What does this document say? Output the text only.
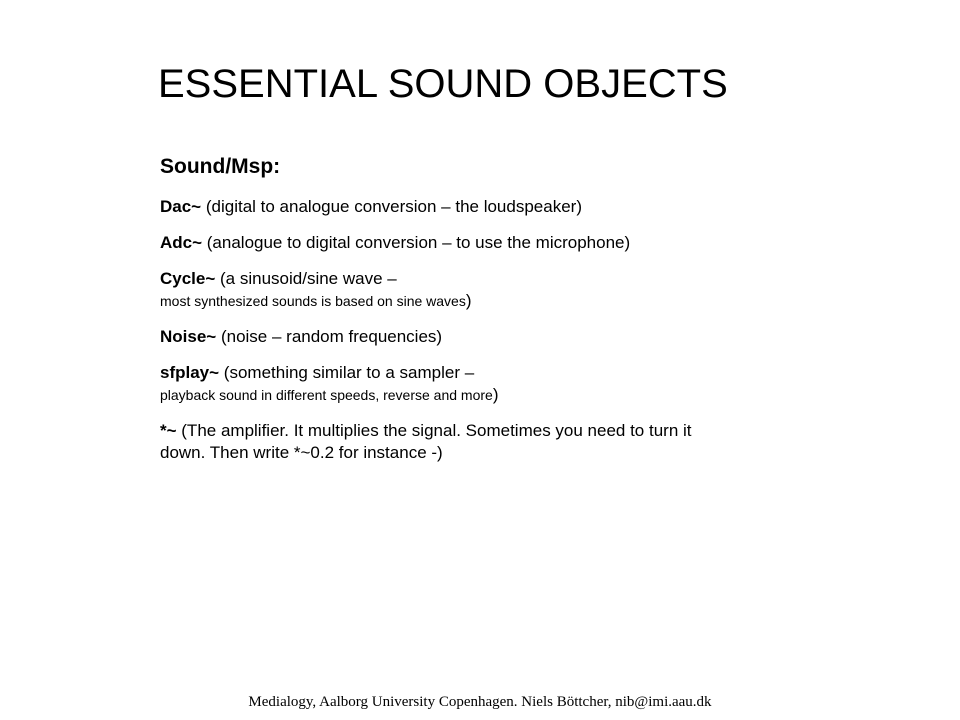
ESSENTIAL SOUND OBJECTS
Sound/Msp:
Dac~ (digital to analogue conversion – the loudspeaker)
Adc~ (analogue to digital conversion – to use the microphone)
Cycle~ (a sinusoid/sine wave –
most synthesized sounds is based on sine waves)
Noise~ (noise – random frequencies)
sfplay~ (something similar to a sampler –
playback sound in different speeds, reverse and more)
*~ (The amplifier. It multiplies the signal. Sometimes you need to turn it down. Then write *~0.2 for instance -)
Medialogy, Aalborg University Copenhagen. Niels Böttcher, nib@imi.aau.dk
